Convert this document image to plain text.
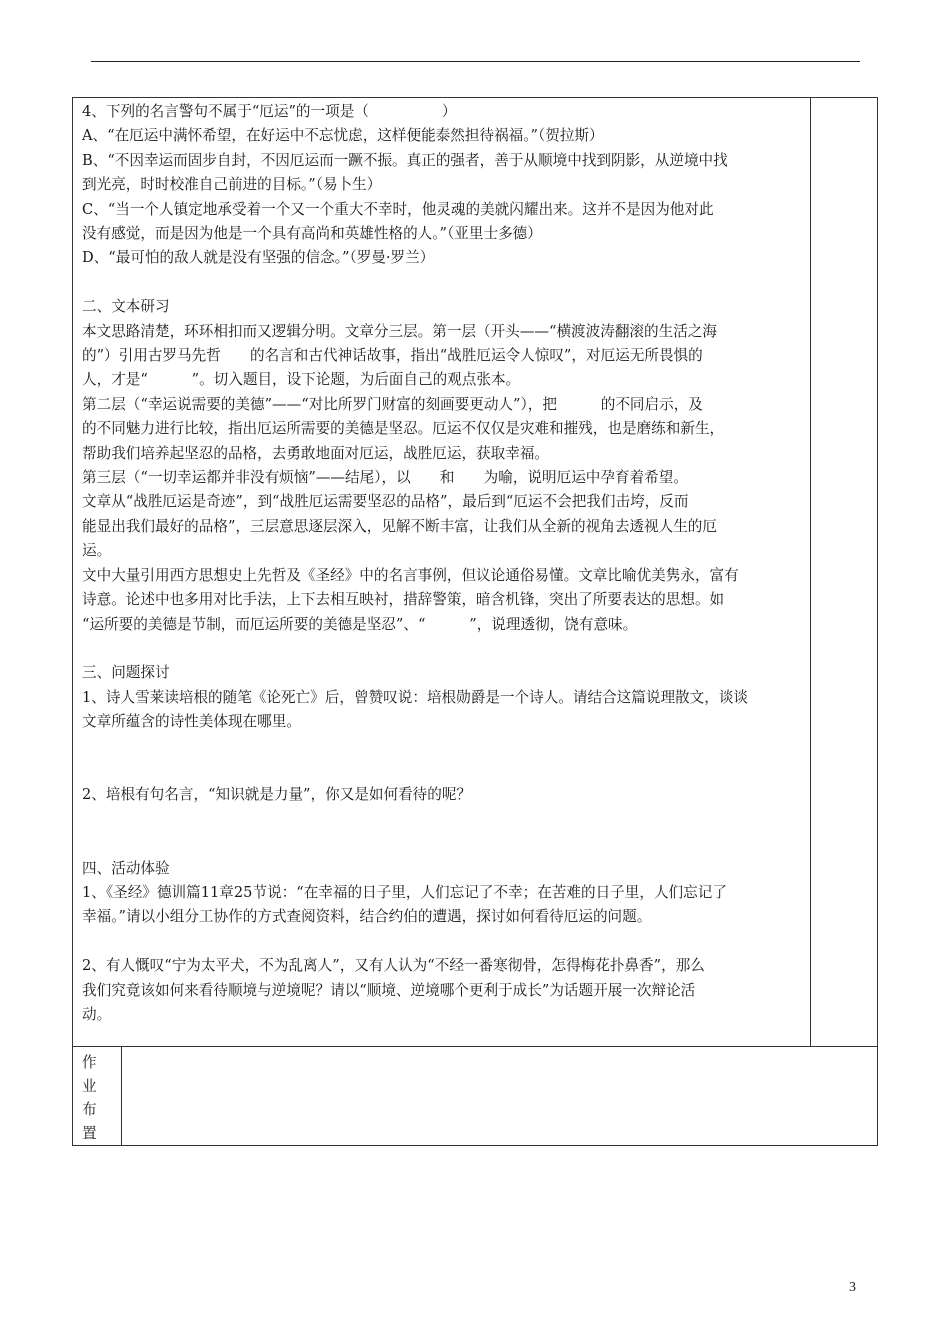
4、下列的名言警句不属于“厄运”的一项是（　　　　　）

A、“在厄运中满怀希望，在好运中不忘忧虑，这样便能泰然担待祸福。”（贺拉斯）

B、“不因幸运而固步自封，不因厄运而一蹶不振。真正的强者，善于从顺境中找到阴影，从逆境中找

到光亮，时时校准自己前进的目标。”（易卜生）

C、“当一个人镇定地承受着一个又一个重大不幸时，他灵魂的美就闪耀出来。这并不是因为他对此

没有感觉，而是因为他是一个具有高尚和英雄性格的人。”（亚里士多德）

D、“最可怕的敌人就是没有坚强的信念。”（罗曼·罗兰）

二、文本研习

本文思路清楚，环环相扣而又逻辑分明。文章分三层。第一层（开头——“横渡波涛翻滚的生活之海

的”）引用古罗马先哲　　的名言和古代神话故事，指出“战胜厄运令人惊叹”，对厄运无所畏惧的

人，才是“　　　”。切入题目，设下论题，为后面自己的观点张本。

第二层（“幸运说需要的美德”——“对比所罗门财富的刻画要更动人”），把　　　的不同启示，及

的不同魅力进行比较，指出厄运所需要的美德是坚忍。厄运不仅仅是灾难和摧残，也是磨练和新生，

帮助我们培养起坚忍的品格，去勇敢地面对厄运，战胜厄运，获取幸福。

第三层（“一切幸运都并非没有烦恼”——结尾），以　　和　　为喻，说明厄运中孕育着希望。

文章从“战胜厄运是奇迹”，到“战胜厄运需要坚忍的品格”，最后到“厄运不会把我们击垮，反而

能显出我们最好的品格”，三层意思逐层深入，见解不断丰富，让我们从全新的视角去透视人生的厄

运。

文中大量引用西方思想史上先哲及《圣经》中的名言事例，但议论通俗易懂。文章比喻优美隽永，富有

诗意。论述中也多用对比手法，上下去相互映衬，措辞警策，暗含机锋，突出了所要表达的思想。如

“运所要的美德是节制，而厄运所要的美德是坚忍”、“　　　”，说理透彻，饶有意味。

三、问题探讨

1、诗人雪莱读培根的随笔《论死亡》后，曾赞叹说：培根勋爵是一个诗人。请结合这篇说理散文，谈谈

文章所蕴含的诗性美体现在哪里。

2、培根有句名言，“知识就是力量”，你又是如何看待的呢？

四、活动体验

1、《圣经》德训篇11章25节说：“在幸福的日子里，人们忘记了不幸；在苦难的日子里，人们忘记了

幸福。”请以小组分工协作的方式查阅资料，结合约伯的遭遇，探讨如何看待厄运的问题。

2、有人慨叹“宁为太平犬，不为乱离人”，又有人认为“不经一番寒彻骨，怎得梅花扑鼻香”，那么

我们究竟该如何来看待顺境与逆境呢？请以“顺境、逆境哪个更利于成长”为话题开展一次辩论活

动。

作
业
布
置
3
